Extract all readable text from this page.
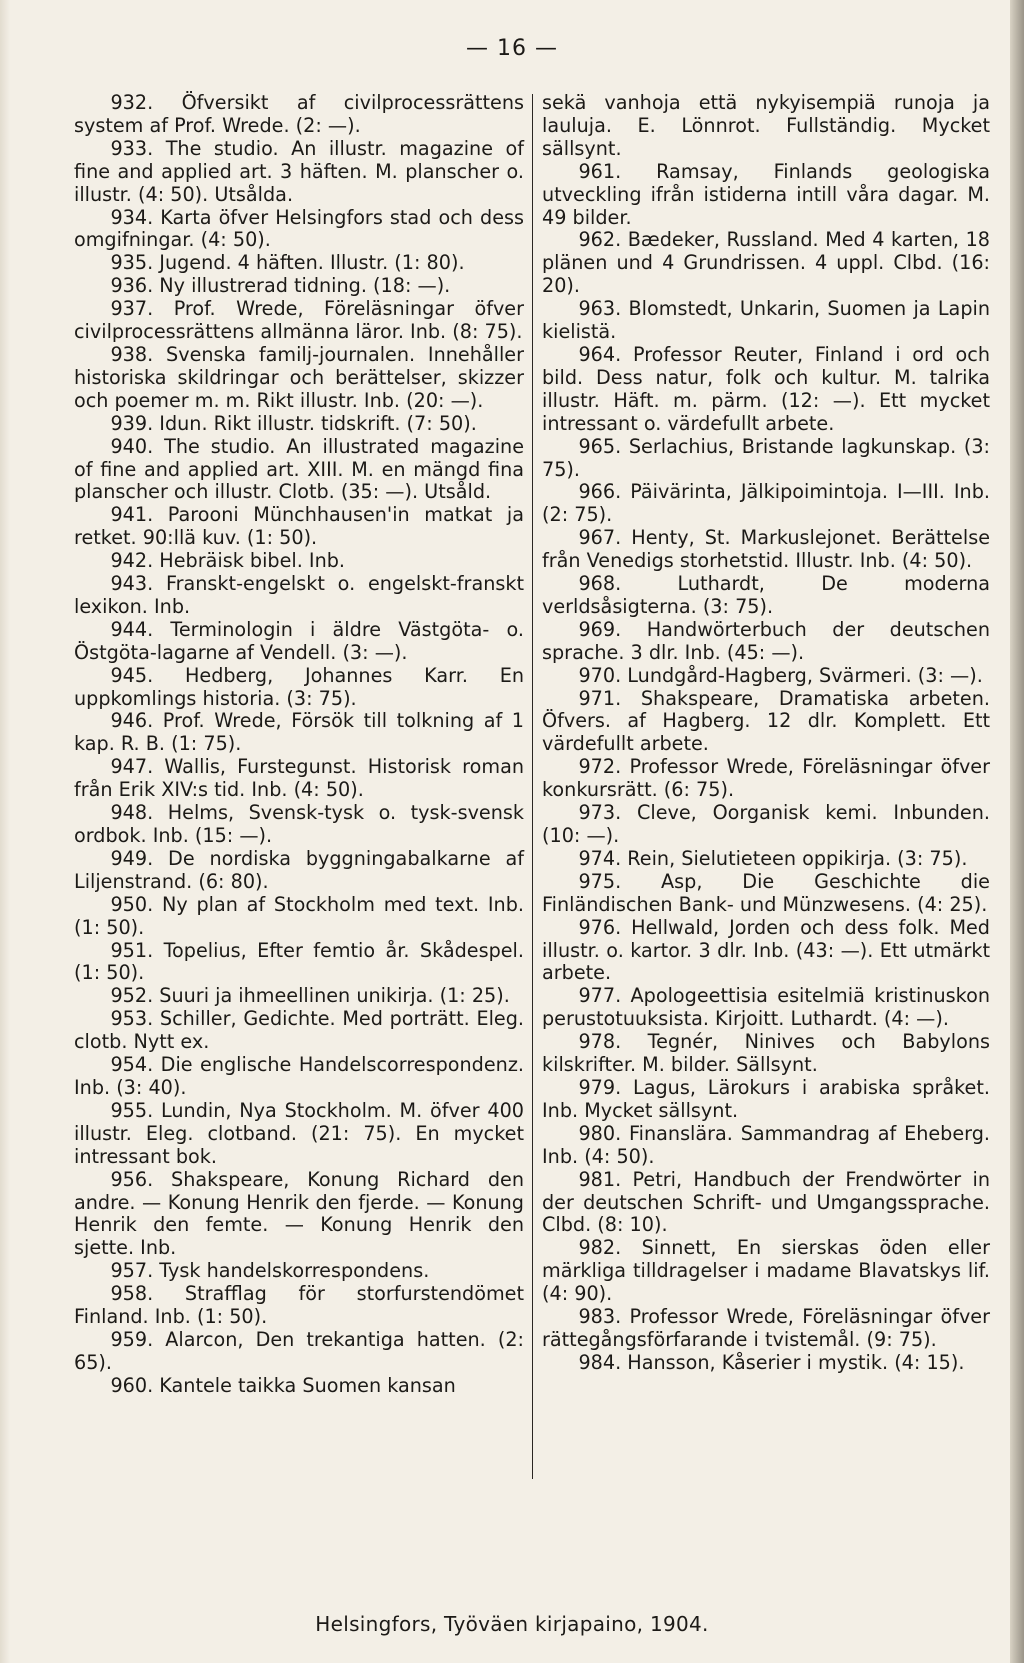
— 16 —

932. Öfversikt af civilprocessrättens system af Prof. Wrede. (2: —).

933. The studio. An illustr. magazine of fine and applied art. 3 häften. M. planscher o. illustr. (4: 50). Utsålda.

934. Karta öfver Helsingfors stad och dess omgifningar. (4: 50).

935. Jugend. 4 häften. Illustr. (1: 80).

936. Ny illustrerad tidning. (18: —).

937. Prof. Wrede, Föreläsningar öfver civilprocessrättens allmänna läror. Inb. (8: 75).

938. Svenska familj-journalen. Innehåller historiska skildringar och berättelser, skizzer och poemer m. m. Rikt illustr. Inb. (20: —).

939. Idun. Rikt illustr. tidskrift. (7: 50).

940. The studio. An illustrated magazine of fine and applied art. XIII. M. en mängd fina planscher och illustr. Clotb. (35: —). Utsåld.

941. Parooni Münchhausen'in matkat ja retket. 90:llä kuv. (1: 50).

942. Hebräisk bibel. Inb.

943. Franskt-engelskt o. engelskt-franskt lexikon. Inb.

944. Terminologin i äldre Västgöta- o. Östgöta-lagarne af Vendell. (3: —).

945. Hedberg, Johannes Karr. En uppkomlings historia. (3: 75).

946. Prof. Wrede, Försök till tolkning af 1 kap. R. B. (1: 75).

947. Wallis, Furstegunst. Historisk roman från Erik XIV:s tid. Inb. (4: 50).

948. Helms, Svensk-tysk o. tysk-svensk ordbok. Inb. (15: —).

949. De nordiska byggningabalkarne af Liljenstrand. (6: 80).

950. Ny plan af Stockholm med text. Inb. (1: 50).

951. Topelius, Efter femtio år. Skådespel. (1: 50).

952. Suuri ja ihmeellinen unikirja. (1: 25).

953. Schiller, Gedichte. Med porträtt. Eleg. clotb. Nytt ex.

954. Die englische Handelscorrespondenz. Inb. (3: 40).

955. Lundin, Nya Stockholm. M. öfver 400 illustr. Eleg. clotband. (21: 75). En mycket intressant bok.

956. Shakspeare, Konung Richard den andre. — Konung Henrik den fjerde. — Konung Henrik den femte. — Konung Henrik den sjette. Inb.

957. Tysk handelskorrespondens.

958. Strafflag för storfurstendömet Finland. Inb. (1: 50).

959. Alarcon, Den trekantiga hatten. (2: 65).

960. Kantele taikka Suomen kansan

sekä vanhoja että nykyisempiä runoja ja lauluja. E. Lönnrot. Fullständig. Mycket sällsynt.

961. Ramsay, Finlands geologiska utveckling ifrån istiderna intill våra dagar. M. 49 bilder.

962. Bædeker, Russland. Med 4 karten, 18 plänen und 4 Grundrissen. 4 uppl. Clbd. (16: 20).

963. Blomstedt, Unkarin, Suomen ja Lapin kielistä.

964. Professor Reuter, Finland i ord och bild. Dess natur, folk och kultur. M. talrika illustr. Häft. m. pärm. (12: —). Ett mycket intressant o. värdefullt arbete.

965. Serlachius, Bristande lagkunskap. (3: 75).

966. Päivärinta, Jälkipoimintoja. I—III. Inb. (2: 75).

967. Henty, St. Markuslejonet. Berättelse från Venedigs storhetstid. Illustr. Inb. (4: 50).

968. Luthardt, De moderna verldsåsigterna. (3: 75).

969. Handwörterbuch der deutschen sprache. 3 dlr. Inb. (45: —).

970. Lundgård-Hagberg, Svärmeri. (3: —).

971. Shakspeare, Dramatiska arbeten. Öfvers. af Hagberg. 12 dlr. Komplett. Ett värdefullt arbete.

972. Professor Wrede, Föreläsningar öfver konkursrätt. (6: 75).

973. Cleve, Oorganisk kemi. Inbunden. (10: —).

974. Rein, Sielutieteen oppikirja. (3: 75).

975. Asp, Die Geschichte die Finländischen Bank- und Münzwesens. (4: 25).

976. Hellwald, Jorden och dess folk. Med illustr. o. kartor. 3 dlr. Inb. (43: —). Ett utmärkt arbete.

977. Apologeettisia esitelmiä kristinuskon perustotuuksista. Kirjoitt. Luthardt. (4: —).

978. Tegnér, Ninives och Babylons kilskrifter. M. bilder. Sällsynt.

979. Lagus, Lärokurs i arabiska språket. Inb. Mycket sällsynt.

980. Finanslära. Sammandrag af Eheberg. Inb. (4: 50).

981. Petri, Handbuch der Frendwörter in der deutschen Schrift- und Umgangssprache. Clbd. (8: 10).

982. Sinnett, En sierskas öden eller märkliga tilldragelser i madame Blavatskys lif. (4: 90).

983. Professor Wrede, Föreläsningar öfver rättegångsförfarande i tvistemål. (9: 75).

984. Hansson, Kåserier i mystik. (4: 15).

Helsingfors, Työväen kirjapaino, 1904.
